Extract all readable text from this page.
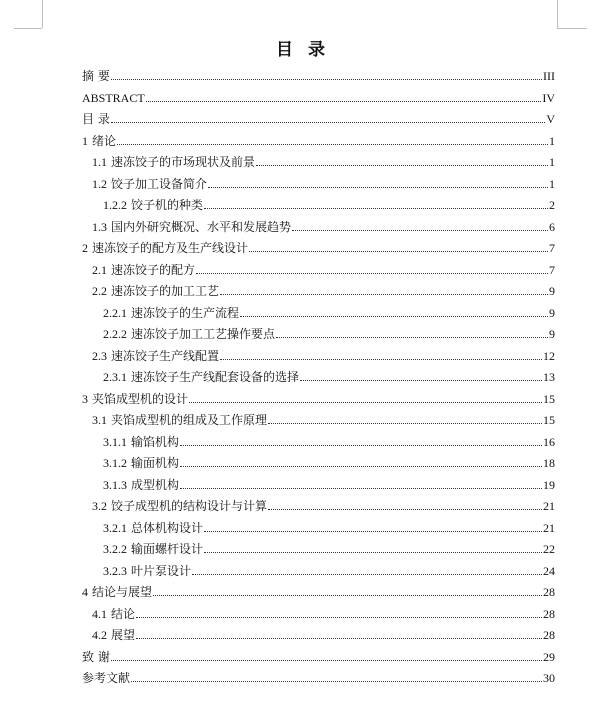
目 录
摘 要	III
ABSTRACT	IV
目 录	V
1 绪论	1
1.1 速冻饺子的市场现状及前景	1
1.2 饺子加工设备简介	1
1.2.2 饺子机的种类	2
1.3 国内外研究概况、水平和发展趋势	6
2 速冻饺子的配方及生产线设计	7
2.1 速冻饺子的配方	7
2.2 速冻饺子的加工工艺	9
2.2.1 速冻饺子的生产流程	9
2.2.2 速冻饺子加工工艺操作要点	9
2.3 速冻饺子生产线配置	12
2.3.1 速冻饺子生产线配套设备的选择	13
3 夹馅成型机的设计	15
3.1 夹馅成型机的组成及工作原理	15
3.1.1 输馅机构	16
3.1.2 输面机构	18
3.1.3 成型机构	19
3.2 饺子成型机的结构设计与计算	21
3.2.1 总体机构设计	21
3.2.2 输面螺杆设计	22
3.2.3 叶片泵设计	24
4 结论与展望	28
4.1 结论	28
4.2 展望	28
致 谢	29
参考文献	30
